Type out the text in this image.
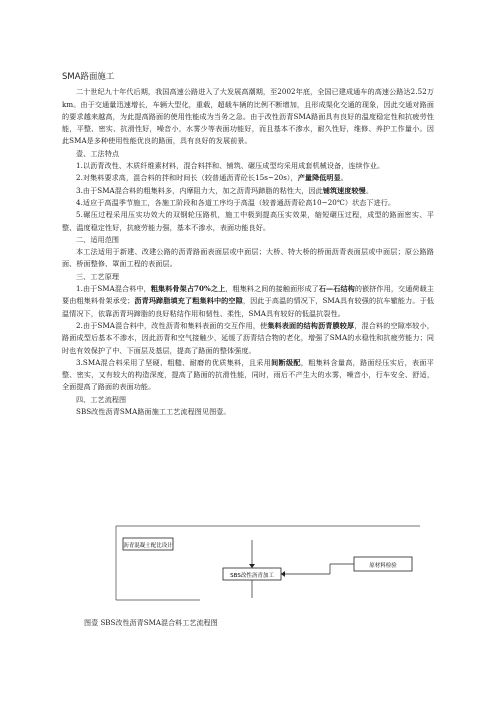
SMA路面施工

二十世纪九十年代后期，我国高速公路进入了大发展高潮期，至2002年底，全国已建成通车的高速公路达2.52万km。由于交通量迅速增长，车辆大型化，重载，超载车辆的比例不断增加，且形成渠化交通的现象，因此交通对路面的要求越来越高，为此提高路面的使用性能成为当务之急。由于改性沥青SMA路面具有良好的温度稳定性和抗疲劳性能，平整、密实、抗滑性好，噪音小，水雾少等表面功能好，而且基本不渗水，耐久性好，维修、养护工作量小。因此SMA是多种使用性能优良的路面，具有良好的发展前景。

壹、工法特点

1.以沥青改性、木质纤维素材料，混合料拌和、铺筑、碾压成型均采用成套机械设备，连续作业。

2.对集料要求高，混合料的拌和时间长（较普通沥青砼长15s~20s），产量降低明显。

3.由于SMA混合料的粗集料多，内摩阻力大，加之沥青玛蹄脂的粘性大，因此铺筑速度较慢。

4.适应于高温季节施工，各施工阶段和各道工序均于高温（较普通沥青砼高10~20℃）状态下进行。

5.碾压过程采用压实功效大的双钢轮压路机，施工中极到提高压实效果，缩短碾压过程，成型的路面密实、平整、温度稳定性好，抗疲劳能力强，基本不渗水，表面功能良好。

二、适用范围

本工法适用于新建、改建公路的沥青路面表面层或中面层；大桥、特大桥的桥面沥青表面层或中面层；原公路路面、桥面整修、罩面工程的表面层。

三、工艺原理

1.由于SMA混合料中，粗集料骨架占70%之上，粗集料之间的接触面形成了石—石结构的嵌挤作用，交通荷载主要由粗集料骨架承受；沥青玛蹄脂填充了粗集料中的空隙，因此于高温的情况下，SMA具有较强的抗车辙能力。于低温情况下，依靠沥青玛蹄脂的良好粘结作用和韧性、柔性，SMA具有较好的低温抗裂性。

2.由于SMA混合料中，改性沥青和集料表面的交互作用，使集料表面的结构沥青膜较厚，混合料的空隙率较小，路面成型后基本不渗水，因此沥青和空气接触少，延缓了沥青结合物的老化，增强了SMA的水稳性和抗疲劳能力；同时也有效保护了中、下面层及基层，提高了路面的整体强度。

3.SMA混合料采用了坚硬、粗糙、耐磨的优质集料，且采用间断级配，粗集料含量高，路面经压实后，表面平整、密实，又有较大的构造深度，提高了路面的抗滑性能，同时，雨后不产生大的水雾，噪音小，行车安全、舒适，全面提高了路面的表面功能。

四、工艺流程图

SBS改性沥青SMA路面施工工艺流程图见图壹。

沥青混凝土配比设计
SBS改性沥青加工
原材料检验
图壹 SBS改性沥青SMA混合料工艺流程图
